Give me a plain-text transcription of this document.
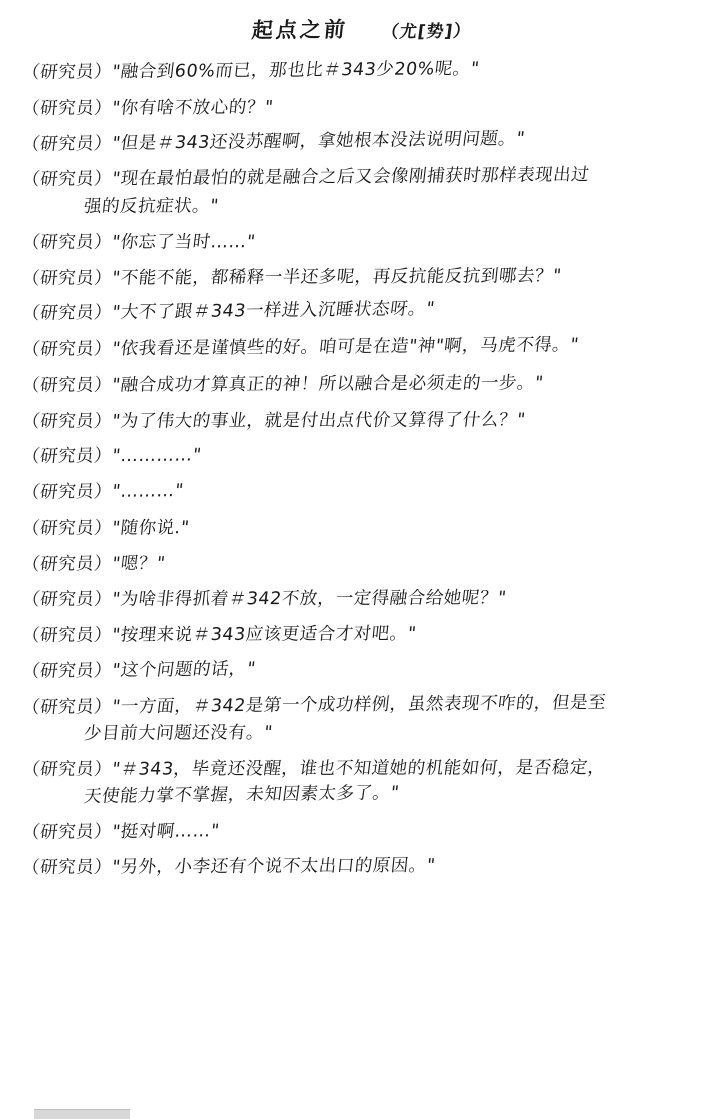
起点之前 （尤[势]）
（研究员）"融合到60%而已，那也比＃343少20%呢。"
（研究员）"你有啥不放心的？"
（研究员）"但是＃343还没苏醒啊，拿她根本没法说明问题。"
（研究员）"现在最怕最怕的就是融合之后又会像刚捕获时那样表现出过
强的反抗症状。"
（研究员）"你忘了当时……"
（研究员）"不能不能，都稀释一半还多呢，再反抗能反抗到哪去？"
（研究员）"大不了跟＃343一样进入沉睡状态呀。"
（研究员）"依我看还是谨慎些的好。咱可是在造"神"啊，马虎不得。"
（研究员）"融合成功才算真正的神！所以融合是必须走的一步。"
（研究员）"为了伟大的事业，就是付出点代价又算得了什么？"
（研究员）"…………"
（研究员）"………"
（研究员）"随你说."
（研究员）"嗯？"
（研究员）"为啥非得抓着＃342不放，一定得融合给她呢？"
（研究员）"按理来说＃343应该更适合才对吧。"
（研究员）"这个问题的话，"
（研究员）"一方面，＃342是第一个成功样例，虽然表现不咋的，但是至
少目前大问题还没有。"
（研究员）"＃343，毕竟还没醒，谁也不知道她的机能如何，是否稳定，
天使能力掌不掌握，未知因素太多了。"
（研究员）"挺对啊……"
（研究员）"另外，小李还有个说不太出口的原因。"
